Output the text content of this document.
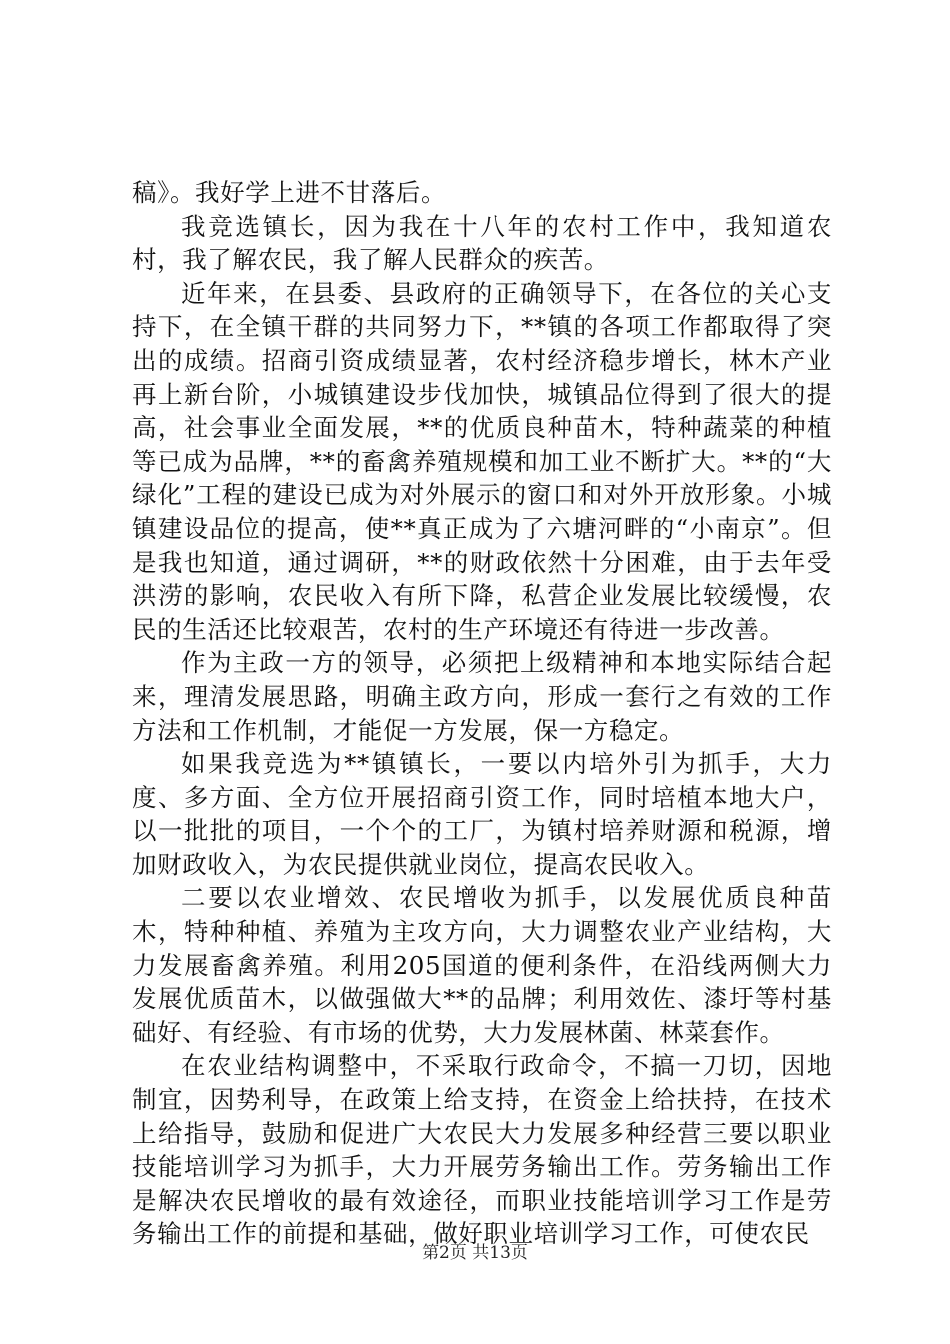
稿》。我好学上进不甘落后。

我竞选镇长，因为我在十八年的农村工作中，我知道农村，我了解农民，我了解人民群众的疾苦。

近年来，在县委、县政府的正确领导下，在各位的关心支持下，在全镇干群的共同努力下，**镇的各项工作都取得了突出的成绩。招商引资成绩显著，农村经济稳步增长，林木产业再上新台阶，小城镇建设步伐加快，城镇品位得到了很大的提高，社会事业全面发展，**的优质良种苗木，特种蔬菜的种植等已成为品牌，**的畜禽养殖规模和加工业不断扩大。**的“大绿化”工程的建设已成为对外展示的窗口和对外开放形象。小城镇建设品位的提高，使**真正成为了六塘河畔的“小南京”。但是我也知道，通过调研，**的财政依然十分困难，由于去年受洪涝的影响，农民收入有所下降，私营企业发展比较缓慢，农民的生活还比较艰苦，农村的生产环境还有待进一步改善。

作为主政一方的领导，必须把上级精神和本地实际结合起来，理清发展思路，明确主政方向，形成一套行之有效的工作方法和工作机制，才能促一方发展，保一方稳定。

如果我竞选为**镇镇长，一要以内培外引为抓手，大力度、多方面、全方位开展招商引资工作，同时培植本地大户，以一批批的项目，一个个的工厂，为镇村培养财源和税源，增加财政收入，为农民提供就业岗位，提高农民收入。

二要以农业增效、农民增收为抓手，以发展优质良种苗木，特种种植、养殖为主攻方向，大力调整农业产业结构，大力发展畜禽养殖。利用205国道的便利条件，在沿线两侧大力发展优质苗木，以做强做大**的品牌；利用效佐、漆圩等村基础好、有经验、有市场的优势，大力发展林菌、林菜套作。

在农业结构调整中，不采取行政命令，不搞一刀切，因地制宜，因势利导，在政策上给支持，在资金上给扶持，在技术上给指导，鼓励和促进广大农民大力发展多种经营三要以职业技能培训学习为抓手，大力开展劳务输出工作。劳务输出工作是解决农民增收的最有效途径，而职业技能培训学习工作是劳务输出工作的前提和基础，做好职业培训学习工作，可使农民

第2页 共13页
